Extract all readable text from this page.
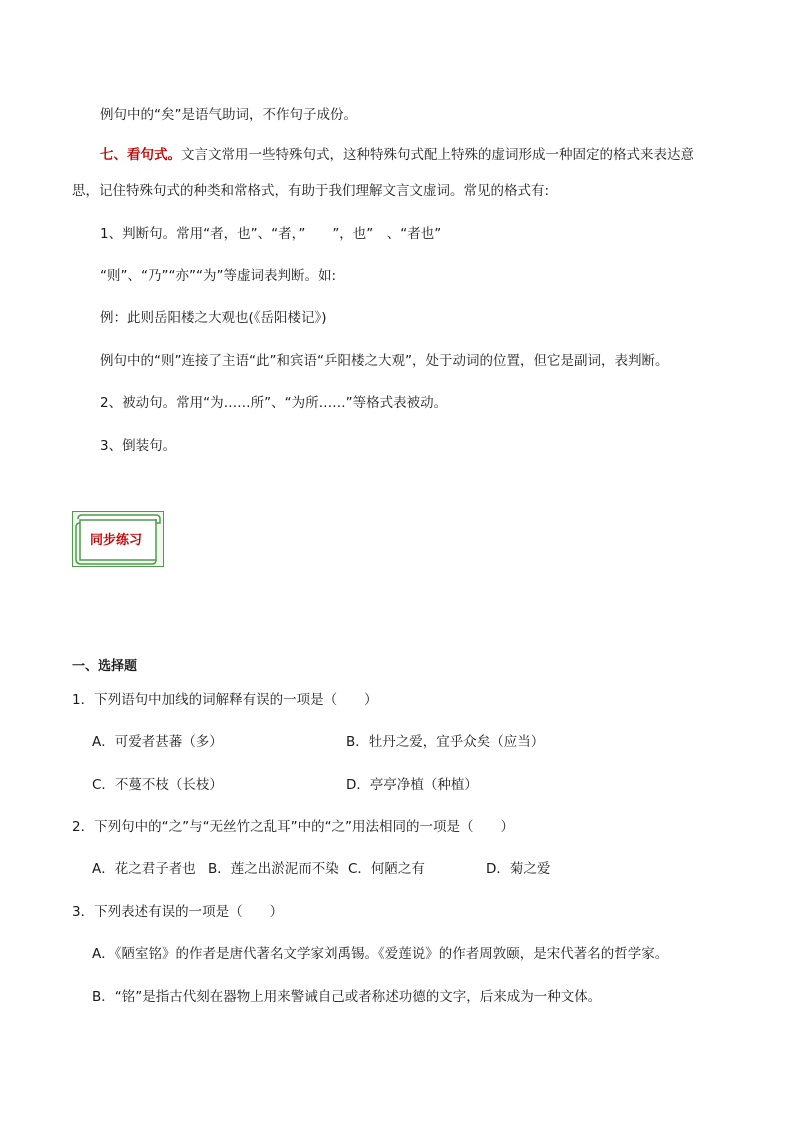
例句中的“矣”是语气助词，不作句子成份。
七、看句式。文言文常用一些特殊句式，这种特殊句式配上特殊的虚词形成一种固定的格式来表达意
思，记住特殊句式的种类和常格式，有助于我们理解文言文虚词。常见的格式有:
1、判断句。常用“者，也”、“者，”　　”，也”　、“者也”
“则”、“乃”“亦”“为”等虚词表判断。如:
例：此则岳阳楼之大观也(《岳阳楼记》)
例句中的“则”连接了主语“此”和宾语“乒阳楼之大观”，处于动词的位置，但它是副词，表判断。
2、被动句。常用“为……所”、“为所……”等格式表被动。
3、倒装句。
同步练习
一、选择题
1．下列语句中加线的词解释有误的一项是（　　）
A．可爱者甚蕃（多）	B．牡丹之爱，宜乎众矣（应当）
C．不蔓不枝（长枝）	D．亭亭净植（种植）
2．下列句中的“之”与“无丝竹之乱耳”中的“之”用法相同的一项是（　　）
A．花之君子者也 B．莲之出淤泥而不染 C．何陋之有	D．菊之爱
3．下列表述有误的一项是（　　）
A．《陋室铭》的作者是唐代著名文学家刘禹锡。《爱莲说》的作者周敦颐，是宋代著名的哲学家。
B．“铭”是指古代刻在器物上用来警诫自己或者称述功德的文字，后来成为一种文体。
